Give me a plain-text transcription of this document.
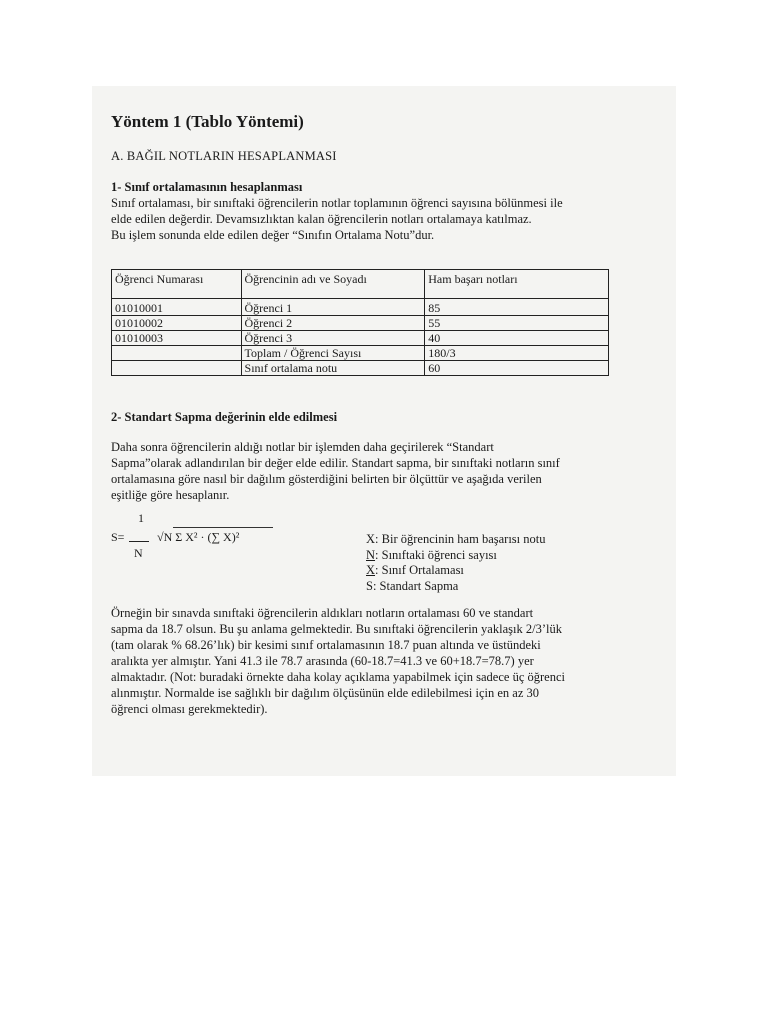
Yöntem 1 (Tablo Yöntemi)
A. BAĞIL NOTLARIN HESAPLANMASI
1- Sınıf ortalamasının hesaplanması
Sınıf ortalaması, bir sınıftaki öğrencilerin notlar toplamının öğrenci sayısına bölünmesi ile
elde edilen değerdir. Devamsızlıktan kalan öğrencilerin notları ortalamaya katılmaz.
Bu işlem sonunda elde edilen değer “Sınıfın Ortalama Notu”dur.
Öğrenci Numarası	Öğrencinin adı ve Soyadı	Ham başarı notları
01010001	Öğrenci 1	85
01010002	Öğrenci 2	55
01010003	Öğrenci 3	40
	Toplam / Öğrenci Sayısı	180/3
	Sınıf ortalama notu	60
2- Standart Sapma değerinin elde edilmesi
Daha sonra öğrencilerin aldığı notlar bir işlemden daha geçirilerek “Standart
Sapma”olarak adlandırılan bir değer elde edilir. Standart sapma, bir sınıftaki notların sınıf
ortalamasına göre nasıl bir dağılım gösterdiğini belirten bir ölçüttür ve aşağıda verilen
eşitliğe göre hesaplanır.
1
S=
N
√N Σ X² · (∑ X)²	X: Bir öğrencinin ham başarısı notu
N: Sınıftaki öğrenci sayısı
X: Sınıf Ortalaması
S: Standart Sapma
Örneğin bir sınavda sınıftaki öğrencilerin aldıkları notların ortalaması 60 ve standart
sapma da 18.7 olsun. Bu şu anlama gelmektedir. Bu sınıftaki öğrencilerin yaklaşık 2/3’lük
(tam olarak % 68.26’lık) bir kesimi sınıf ortalamasının 18.7 puan altında ve üstündeki
aralıkta yer almıştır. Yani 41.3 ile 78.7 arasında (60-18.7=41.3 ve 60+18.7=78.7) yer
almaktadır. (Not: buradaki örnekte daha kolay açıklama yapabilmek için sadece üç öğrenci
alınmıştır. Normalde ise sağlıklı bir dağılım ölçüsünün elde edilebilmesi için en az 30
öğrenci olması gerekmektedir).
